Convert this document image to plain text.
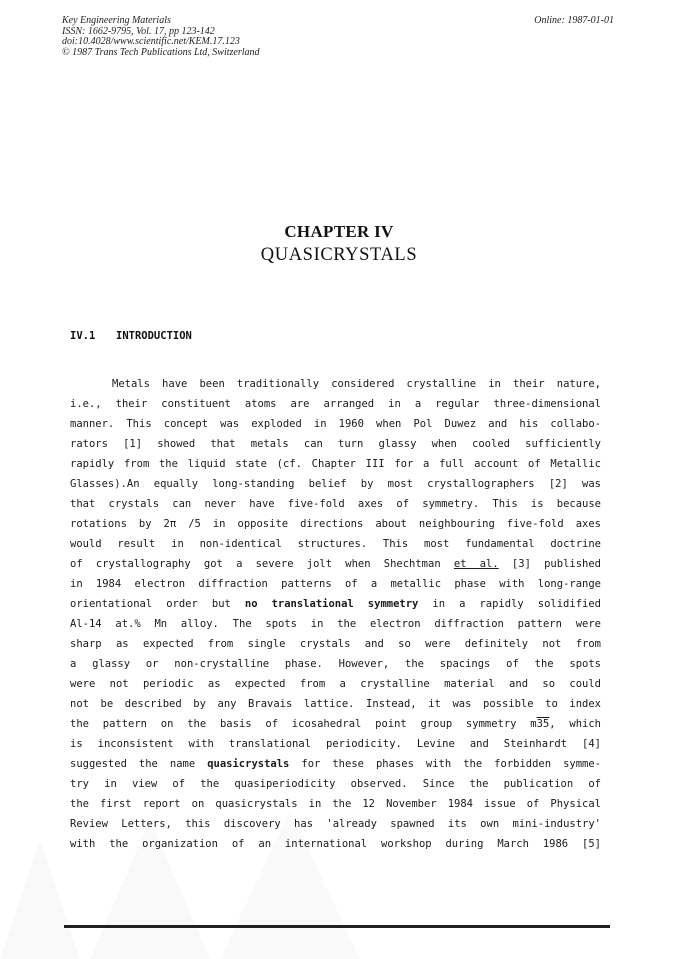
Key Engineering Materials
ISSN: 1662-9795, Vol. 17, pp 123-142
doi:10.4028/www.scientific.net/KEM.17.123
© 1987 Trans Tech Publications Ltd, Switzerland
Online: 1987-01-01
CHAPTER IV
QUASICRYSTALS
IV.1 INTRODUCTION
Metals have been traditionally considered crystalline in their nature,
i.e., their constituent atoms are arranged in a regular three-dimensional
manner. This concept was exploded in 1960 when Pol Duwez and his collabo-
rators [1] showed that metals can turn glassy when cooled sufficiently
rapidly from the liquid state (cf. Chapter III for a full account of Metallic
Glasses).An equally long-standing belief by most crystallographers [2] was
that crystals can never have five-fold axes of symmetry. This is because
rotations by 2π /5 in opposite directions about neighbouring five-fold axes
would result in non-identical structures. This most fundamental doctrine
of crystallography got a severe jolt when Shechtman et al. [3] published
in 1984 electron diffraction patterns of a metallic phase with long-range
orientational order but no translational symmetry in a rapidly solidified
Al-14 at.% Mn alloy. The spots in the electron diffraction pattern were
sharp as expected from single crystals and so were definitely not from
a glassy or non-crystalline phase. However, the spacings of the spots
were not periodic as expected from a crystalline material and so could
not be described by any Bravais lattice. Instead, it was possible to index
the pattern on the basis of icosahedral point group symmetry m35, which
is inconsistent with translational periodicity. Levine and Steinhardt [4]
suggested the name quasicrystals for these phases with the forbidden symme-
try in view of the quasiperiodicity observed. Since the publication of
the first report on quasicrystals in the 12 November 1984 issue of Physical
Review Letters, this discovery has 'already spawned its own mini-industry'
with the organization of an international workshop during March 1986 [5]
